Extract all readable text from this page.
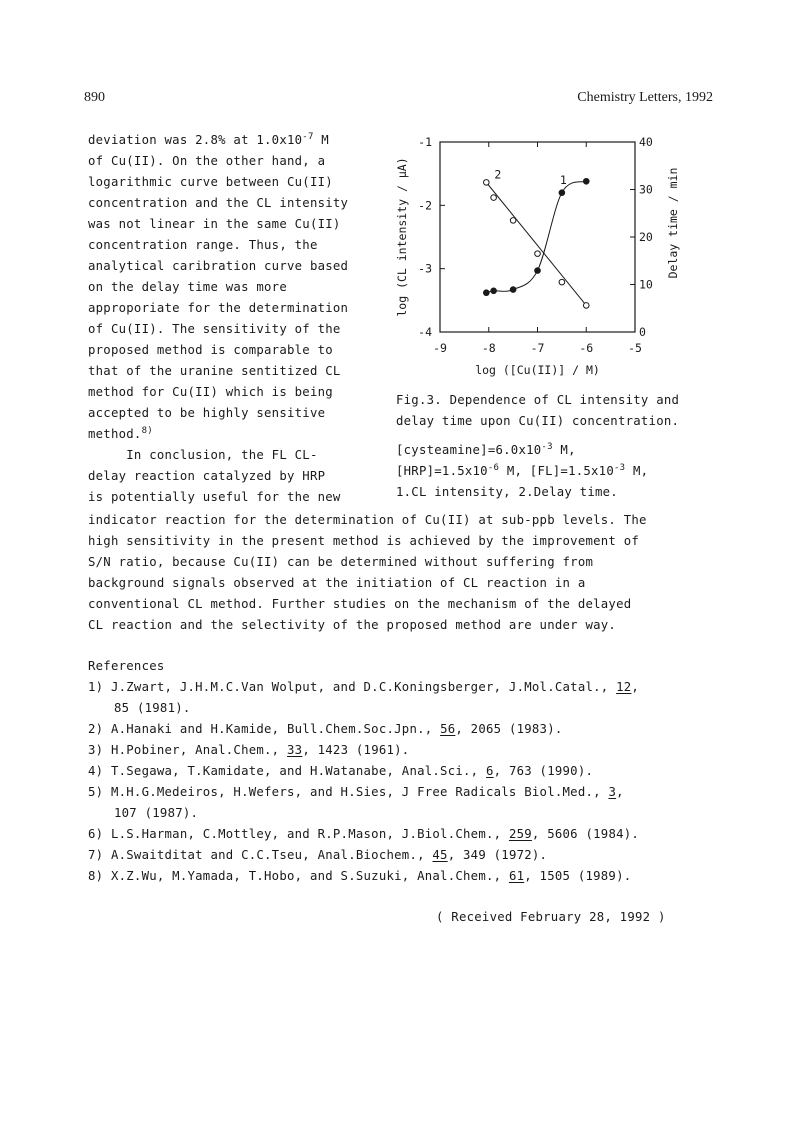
890	Chemistry Letters, 1992
deviation was 2.8% at $1.0x10^{-7}$ M
of Cu(II). On the other hand, a
logarithmic curve between Cu(II)
concentration and the CL intensity
was not linear in the same Cu(II)
concentration range. Thus, the
analytical caribration curve based
on the delay time was more
approporiate for the determination
of Cu(II). The sensitivity of the
proposed method is comparable to
that of the uranine sentitized CL
method for Cu(II) which is being
accepted to be highly sensitive
method.$^{8)}$
In conclusion, the FL CL-
delay reaction catalyzed by HRP
is potentially useful for the new
-9	-8	-7	-6	-5
-1
-2
-3
-4
40
30
20
10
0
1
2
log ([Cu(II)] / M)
log (CL intensity / μA)	Delay time / min
Fig.3. Dependence of CL intensity and
delay time upon Cu(II) concentration.
$[cysteamine]=6.0x10^{-3}$ M,
$[HRP]=1.5x10^{-6}$ M, $[FL]=1.5x10^{-3}$ M,
1.CL intensity, 2.Delay time.
indicator reaction for the determination of Cu(II) at sub-ppb levels. The
high sensitivity in the present method is achieved by the improvement of
S/N ratio, because Cu(II) can be determined without suffering from
background signals observed at the initiation of CL reaction in a
conventional CL method. Further studies on the mechanism of the delayed
CL reaction and the selectivity of the proposed method are under way.
References
1) J.Zwart, J.H.M.C.Van Wolput, and D.C.Koningsberger, J.Mol.Catal., 12,
85 (1981).
2) A.Hanaki and H.Kamide, Bull.Chem.Soc.Jpn., 56, 2065 (1983).
3) H.Pobiner, Anal.Chem., 33, 1423 (1961).
4) T.Segawa, T.Kamidate, and H.Watanabe, Anal.Sci., 6, 763 (1990).
5) M.H.G.Medeiros, H.Wefers, and H.Sies, J Free Radicals Biol.Med., 3,
107 (1987).
6) L.S.Harman, C.Mottley, and R.P.Mason, J.Biol.Chem., 259, 5606 (1984).
7) A.Swaitditat and C.C.Tseu, Anal.Biochem., 45, 349 (1972).
8) X.Z.Wu, M.Yamada, T.Hobo, and S.Suzuki, Anal.Chem., 61, 1505 (1989).
( Received February 28, 1992 )
